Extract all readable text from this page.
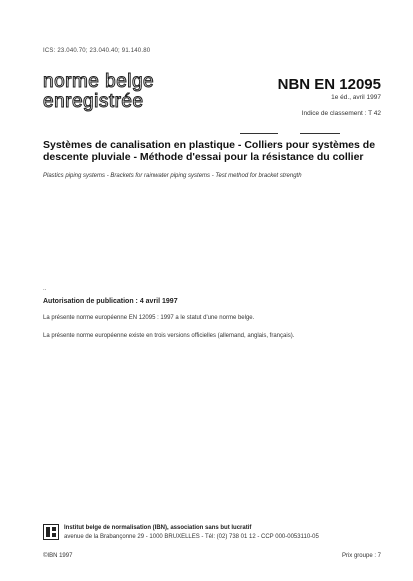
ICS: 23.040.70; 23.040.40; 91.140.80
norme belge
enregistrée
NBN EN 12095
1e éd., avril 1997
Indice de classement : T 42
Systèmes de canalisation en plastique - Colliers pour systèmes de descente pluviale - Méthode d'essai pour la résistance du collier
Plastics piping systems - Brackets for rainwater piping systems - Test method for bracket strength
..
Autorisation de publication : 4 avril 1997
La présente norme européenne EN 12095 : 1997 a le statut d'une norme belge.
La présente norme européenne existe en trois versions officielles (allemand, anglais, français).
Institut belge de normalisation (IBN), association sans but lucratif
avenue de la Brabançonne 29 - 1000 BRUXELLES - Tél: (02) 738 01 12 - CCP 000-0053110-05
©IBN 1997	Prix groupe : 7
